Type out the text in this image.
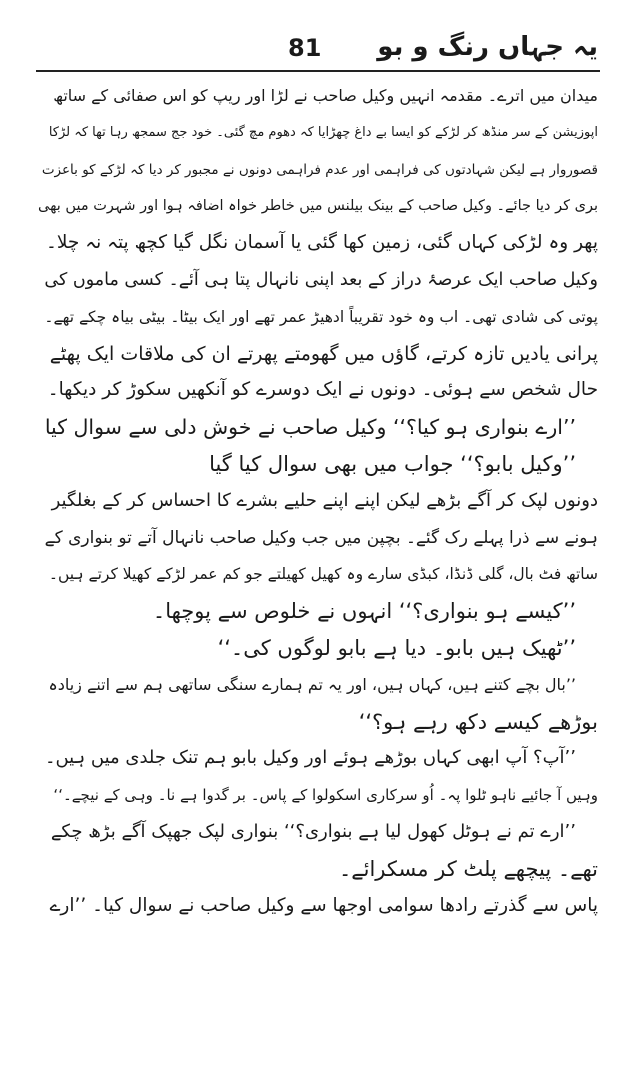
یہ جہاں رنگ و بو
81
میدان میں اترے۔ مقدمہ انہیں وکیل صاحب نے لڑا اور ریپ کو اس صفائی کے ساتھ
اپوزیشن کے سر منڈھ کر لڑکے کو ایسا بے داغ چھڑایا کہ دھوم مچ گئی۔ خود جج سمجھ رہا تھا کہ لڑکا
قصوروار ہے لیکن شہادتوں کی فراہمی اور عدم فراہمی دونوں نے مجبور کر دیا کہ لڑکے کو باعزت
بری کر دیا جائے۔ وکیل صاحب کے بینک بیلنس میں خاطر خواہ اضافہ ہوا اور شہرت میں بھی
پھر وہ لڑکی کہاں گئی، زمین کھا گئی یا آسمان نگل گیا کچھ پتہ نہ چلا۔
وکیل صاحب ایک عرصۂ دراز کے بعد اپنی نانہال پتا ہی آئے۔ کسی ماموں کی
پوتی کی شادی تھی۔ اب وہ خود تقریباً ادھیڑ عمر تھے اور ایک بیٹا۔ بیٹی بیاہ چکے تھے۔
پرانی یادیں تازہ کرتے، گاؤں میں گھومتے پھرتے ان کی ملاقات ایک پھٹے
حال شخص سے ہوئی۔ دونوں نے ایک دوسرے کو آنکھیں سکوڑ کر دیکھا۔
’’ارے بنواری ہو کیا؟‘‘ وکیل صاحب نے خوش دلی سے سوال کیا
’’وکیل بابو؟‘‘ جواب میں بھی سوال کیا گیا
دونوں لپک کر آگے بڑھے لیکن اپنے اپنے حلیے بشرے کا احساس کر کے بغلگیر
ہونے سے ذرا پہلے رک گئے۔ بچپن میں جب وکیل صاحب نانہال آتے تو بنواری کے
ساتھ فٹ بال، گلی ڈنڈا، کبڈی سارے وہ کھیل کھیلتے جو کم عمر لڑکے کھیلا کرتے ہیں۔
’’کیسے ہو بنواری؟‘‘ انہوں نے خلوص سے پوچھا۔
’’ٹھیک ہیں بابو۔ دیا ہے بابو لوگوں کی۔‘‘
’’بال بچے کتنے ہیں، کہاں ہیں، اور یہ تم ہمارے سنگی ساتھی ہم سے اتنے زیادہ
بوڑھے کیسے دکھ رہے ہو؟‘‘
’’آپ؟ آپ ابھی کہاں بوڑھے ہوئے اور وکیل بابو ہم تنک جلدی میں ہیں۔
وہیں آ جائیے ناہو ٹلوا پہ۔ اُو سرکاری اسکولوا کے پاس۔ بر گدوا ہے نا۔ وہی کے نیچے۔‘‘
’’ارے تم نے ہوٹل کھول لیا ہے بنواری؟‘‘ بنواری لپک جھپک آگے بڑھ چکے
تھے۔ پیچھے پلٹ کر مسکرائے۔
پاس سے گذرتے رادھا سوامی اوجھا سے وکیل صاحب نے سوال کیا۔ ’’ارے
